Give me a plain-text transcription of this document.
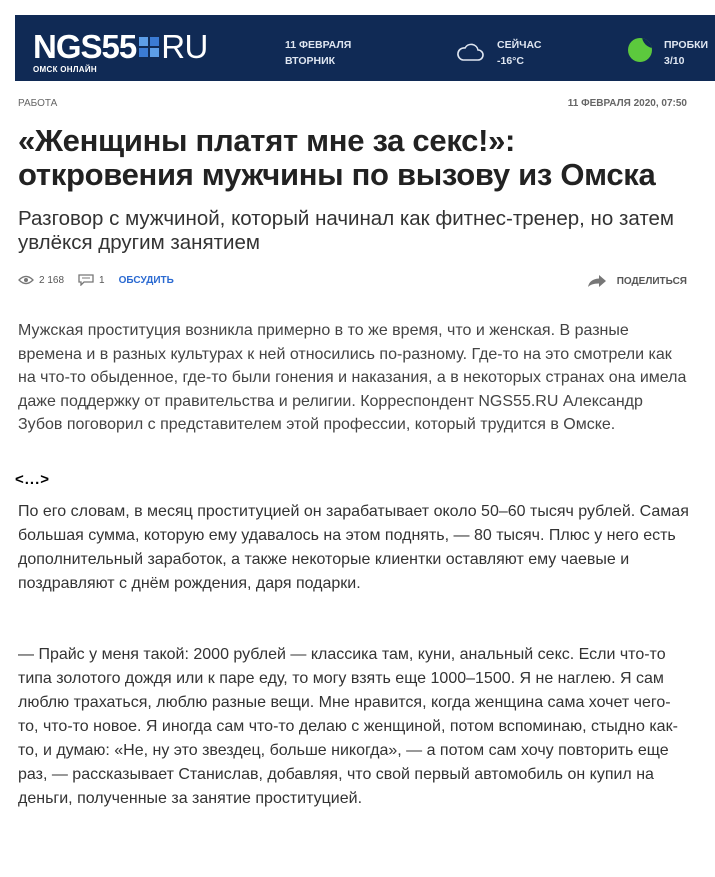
NGS55 RU
ОМСК ОНЛАЙН
11 ФЕВРАЛЯ
ВТОРНИК
СЕЙЧАС
-16°C
ПРОБКИ
3/10
РАБОТА	11 ФЕВРАЛЯ 2020, 07:50
«Женщины платят мне за секс!»: откровения мужчины по вызову из Омска
Разговор с мужчиной, который начинал как фитнес-тренер, но затем увлёкся другим занятием
2 168	1 ОБСУДИТЬ	ПОДЕЛИТЬСЯ

Мужская проституция возникла примерно в то же время, что и женская. В разные времена и в разных культурах к ней относились по-разному. Где-то на это смотрели как на что-то обыденное, где-то были гонения и наказания, а в некоторых странах она имела даже поддержку от правительства и религии. Корреспондент NGS55.RU Александр Зубов поговорил с представителем этой профессии, который трудится в Омске.

<...>

По его словам, в месяц проституцией он зарабатывает около 50–60 тысяч рублей. Самая большая сумма, которую ему удавалось на этом поднять, — 80 тысяч. Плюс у него есть дополнительный заработок, а также некоторые клиентки оставляют ему чаевые и поздравляют с днём рождения, даря подарки.

— Прайс у меня такой: 2000 рублей — классика там, куни, анальный секс. Если что-то типа золотого дождя или к паре еду, то могу взять еще 1000–1500. Я не наглею. Я сам люблю трахаться, люблю разные вещи. Мне нравится, когда женщина сама хочет чего-то, что-то новое. Я иногда сам что-то делаю с женщиной, потом вспоминаю, стыдно как-то, и думаю: «Не, ну это звездец, больше никогда», — а потом сам хочу повторить еще раз, — рассказывает Станислав, добавляя, что свой первый автомобиль он купил на деньги, полученные за занятие проституцией.
